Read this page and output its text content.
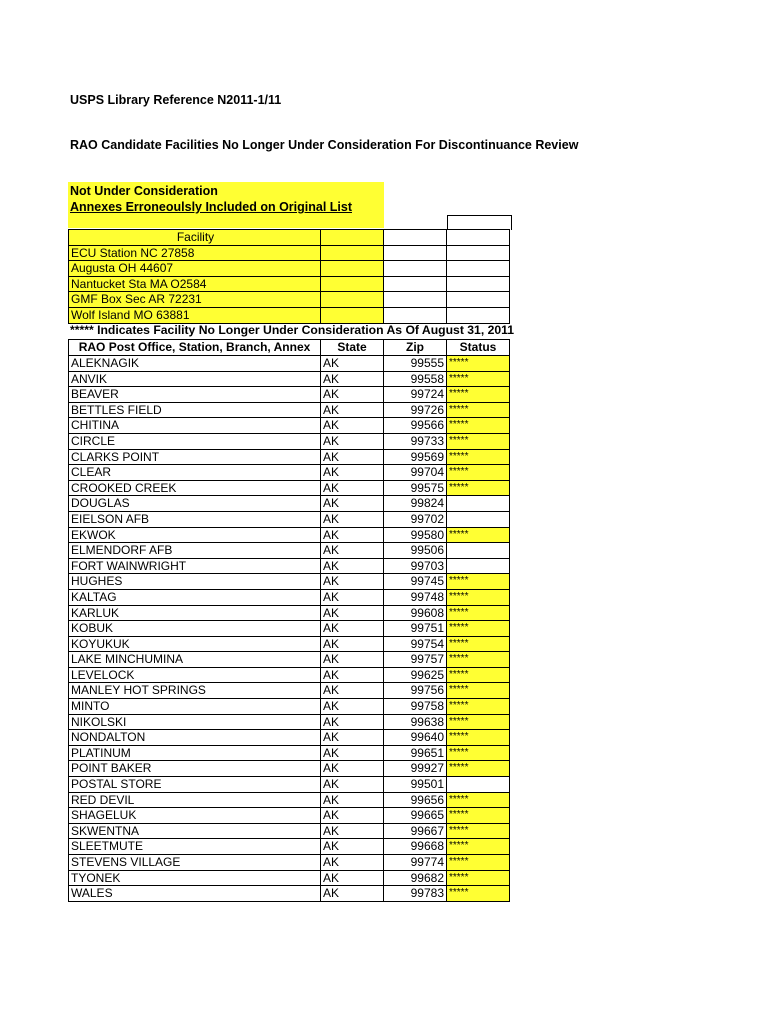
USPS Library Reference N2011-1/11
RAO Candidate Facilities No Longer Under Consideration For Discontinuance Review
Not Under Consideration
Annexes Erroneoulsly Included on Original List
Facility			
ECU Station NC 27858			
Augusta OH 44607			
Nantucket Sta MA O2584			
GMF Box Sec AR 72231			
Wolf Island MO 63881			
***** Indicates Facility No Longer Under Consideration As Of August 31, 2011
RAO Post Office, Station, Branch, Annex	State	Zip	Status
ALEKNAGIK	AK	99555	*****
ANVIK	AK	99558	*****
BEAVER	AK	99724	*****
BETTLES FIELD	AK	99726	*****
CHITINA	AK	99566	*****
CIRCLE	AK	99733	*****
CLARKS POINT	AK	99569	*****
CLEAR	AK	99704	*****
CROOKED CREEK	AK	99575	*****
DOUGLAS	AK	99824	
EIELSON AFB	AK	99702	
EKWOK	AK	99580	*****
ELMENDORF AFB	AK	99506	
FORT WAINWRIGHT	AK	99703	
HUGHES	AK	99745	*****
KALTAG	AK	99748	*****
KARLUK	AK	99608	*****
KOBUK	AK	99751	*****
KOYUKUK	AK	99754	*****
LAKE MINCHUMINA	AK	99757	*****
LEVELOCK	AK	99625	*****
MANLEY HOT SPRINGS	AK	99756	*****
MINTO	AK	99758	*****
NIKOLSKI	AK	99638	*****
NONDALTON	AK	99640	*****
PLATINUM	AK	99651	*****
POINT BAKER	AK	99927	*****
POSTAL STORE	AK	99501	
RED DEVIL	AK	99656	*****
SHAGELUK	AK	99665	*****
SKWENTNA	AK	99667	*****
SLEETMUTE	AK	99668	*****
STEVENS VILLAGE	AK	99774	*****
TYONEK	AK	99682	*****
WALES	AK	99783	*****
